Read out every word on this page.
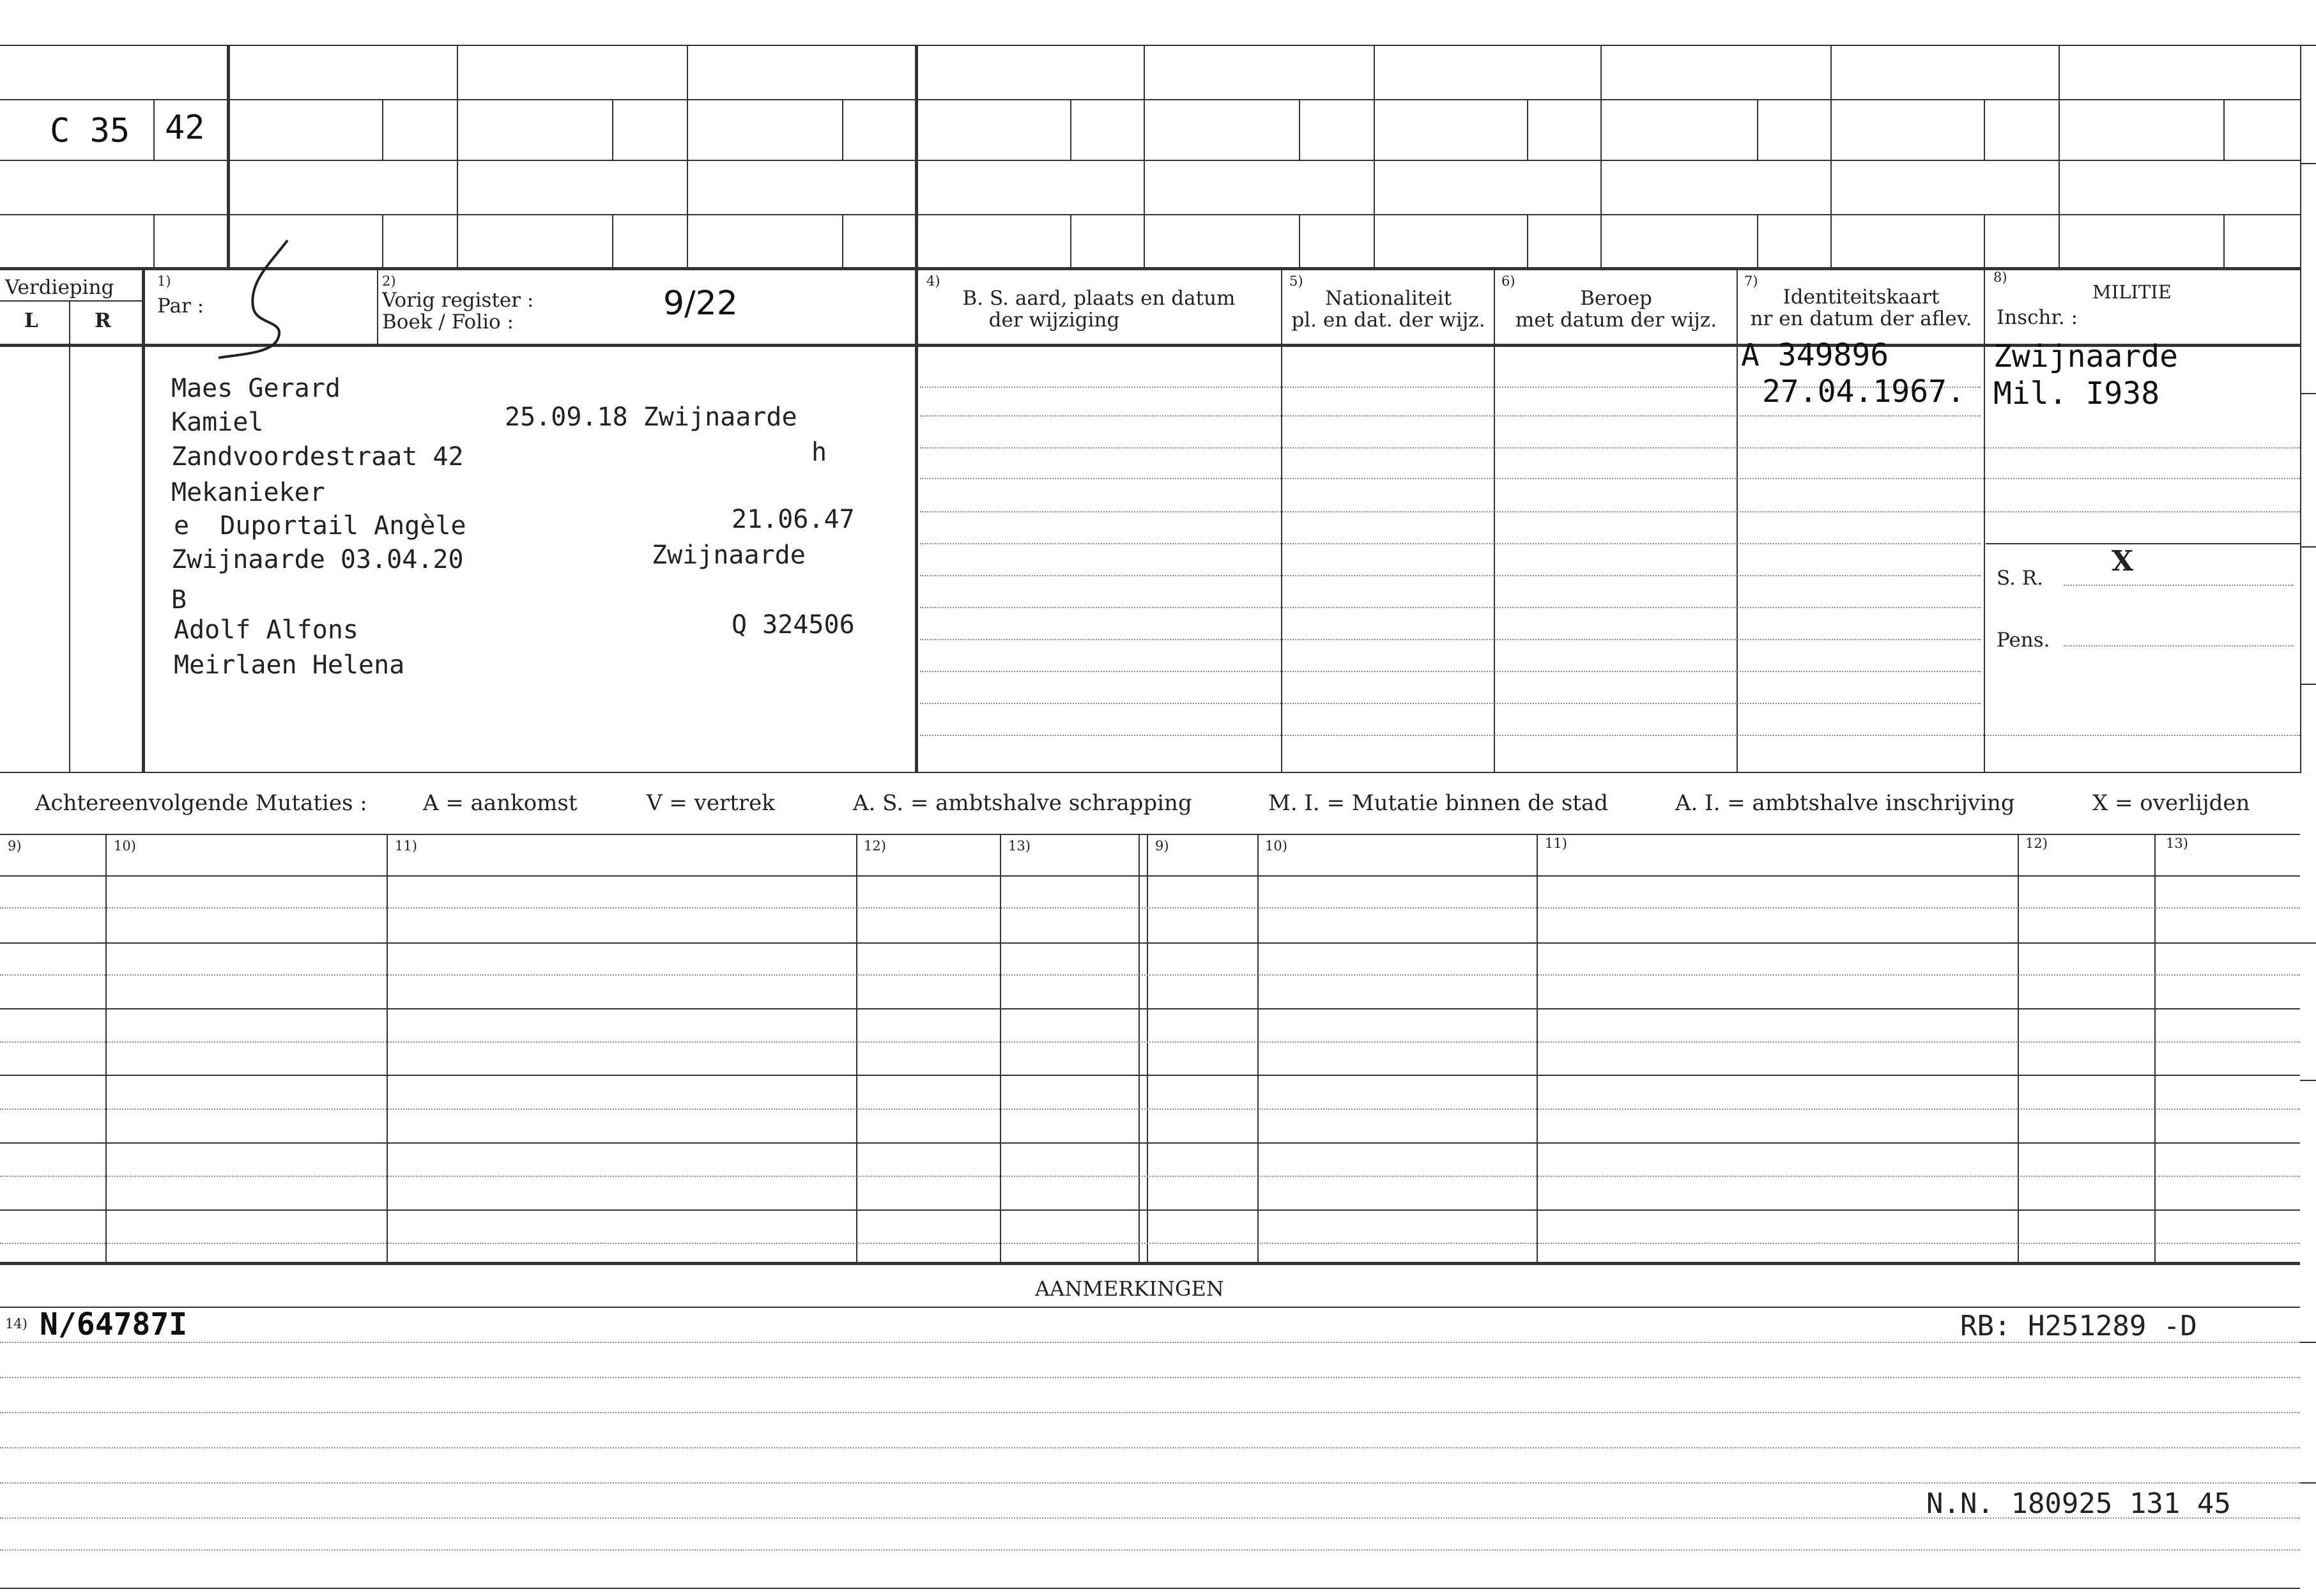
C 35 42
Verdieping
L	R
1)
Par :
2)
Vorig register :
Boek / Folio :	9/22
4)
B. S. aard, plaats en datum
der wijziging
5)
Nationaliteit
pl. en dat. der wijz.
6)
Beroep
met datum der wijz.
7)
Identiteitskaart
nr en datum der aflev.
8)
MILITIE
Inschr. :
Maes Gerard
Kamiel	25.09.18 Zwijnaarde
Zandvoordestraat 42	h
Mekanieker
e  Duportail Angèle	21.06.47
Zwijnaarde 03.04.20	Zwijnaarde
B
Adolf Alfons	Q 324506
Meirlaen Helena
A 349896
27.04.1967.
Zwijnaarde
Mil. I938
S. R.
X
Pens.
Achtereenvolgende Mutaties :	A = aankomst	V = vertrek	A. S. = ambtshalve schrapping	M. I. = Mutatie binnen de stad	A. I. = ambtshalve inschrijving	X = overlijden
9)	10)	11)	12)	13)	9)	10)	11)	12)	13)
AANMERKINGEN
14) N/64787I	RB: H251289 -D
N.N. 180925 131 45
